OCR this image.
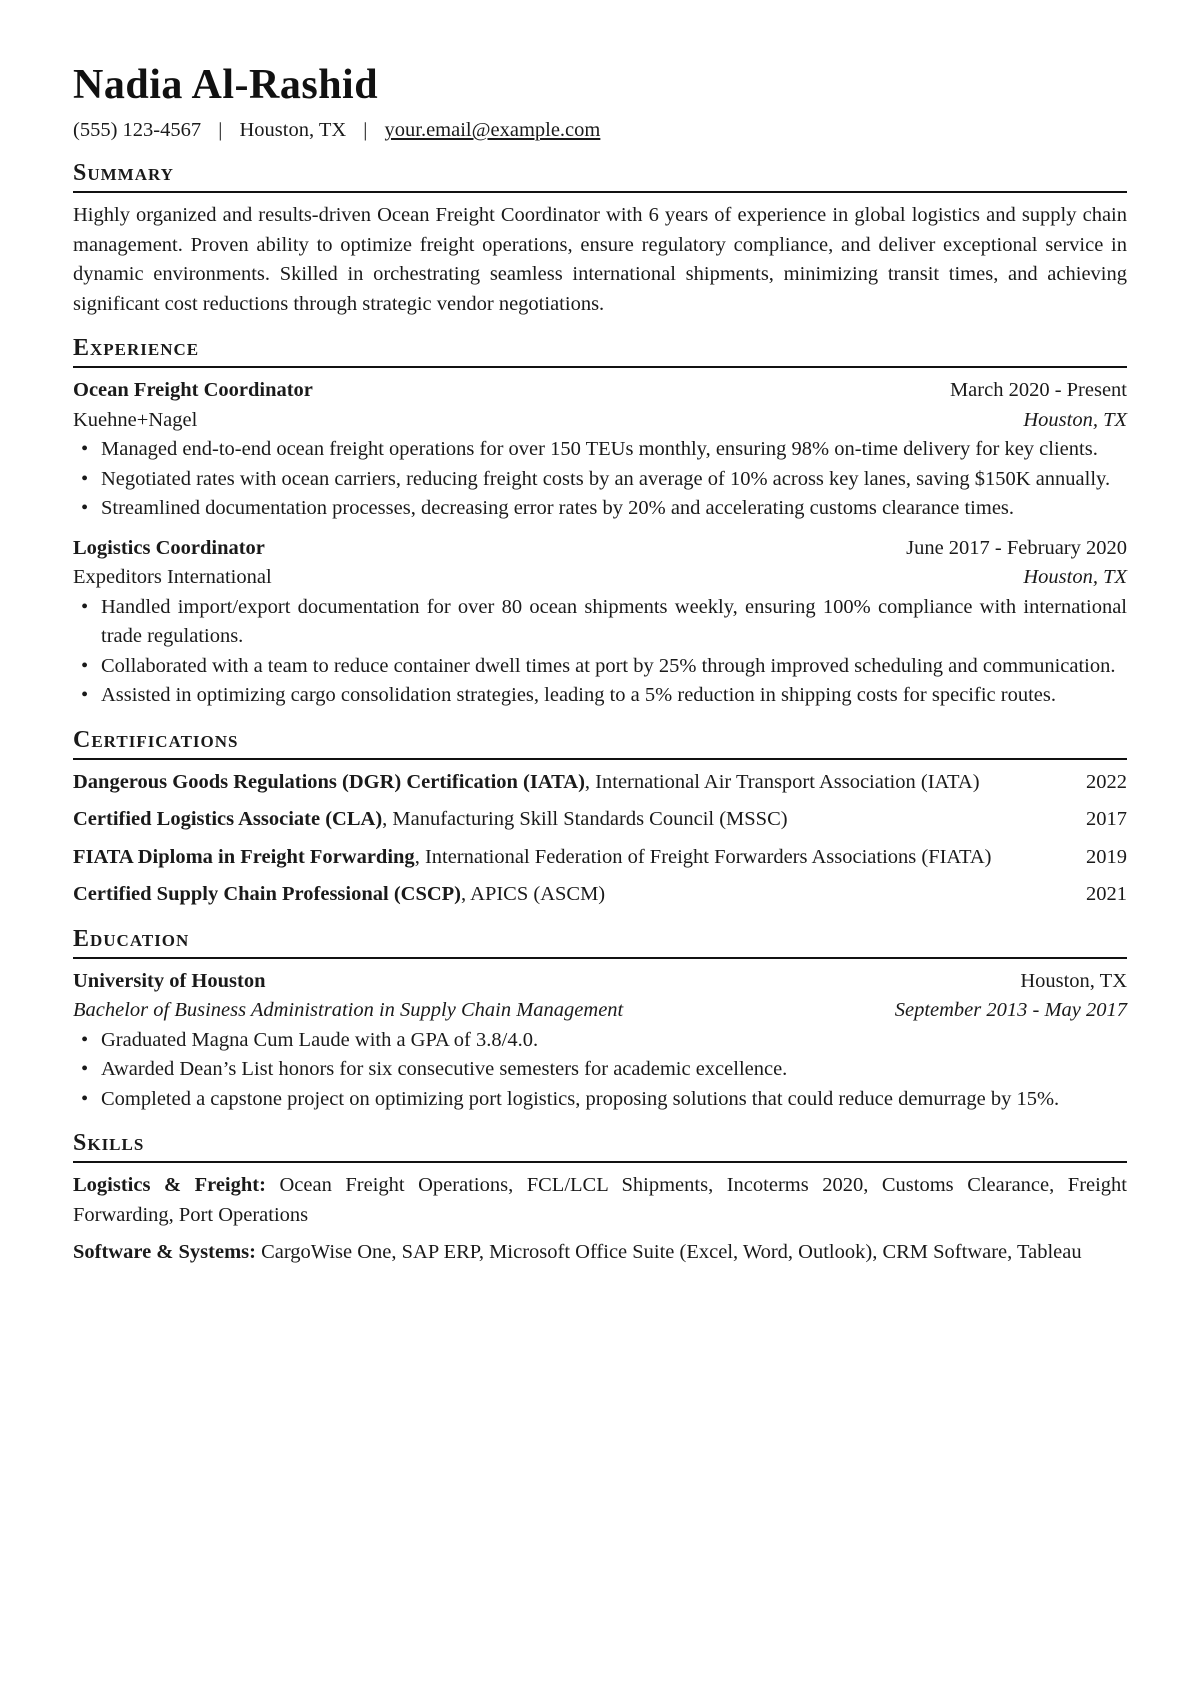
Nadia Al-Rashid
(555) 123-4567 | Houston, TX | your.email@example.com
Summary

Highly organized and results-driven Ocean Freight Coordinator with 6 years of experience in global logistics and supply chain management. Proven ability to optimize freight operations, ensure regulatory compliance, and deliver exceptional service in dynamic environments. Skilled in orchestrating seamless international shipments, minimizing transit times, and achieving significant cost reductions through strategic vendor negotiations.

Experience
Ocean Freight Coordinator	March 2020 - Present
Kuehne+Nagel	Houston, TX
• Managed end-to-end ocean freight operations for over 150 TEUs monthly, ensuring 98% on-time delivery for key clients.
• Negotiated rates with ocean carriers, reducing freight costs by an average of 10% across key lanes, saving $150K annually.
• Streamlined documentation processes, decreasing error rates by 20% and accelerating customs clearance times.
Logistics Coordinator	June 2017 - February 2020
Expeditors International	Houston, TX
• Handled import/export documentation for over 80 ocean shipments weekly, ensuring 100% compliance with international trade regulations.
• Collaborated with a team to reduce container dwell times at port by 25% through improved scheduling and communication.
• Assisted in optimizing cargo consolidation strategies, leading to a 5% reduction in shipping costs for specific routes.
Certifications
Dangerous Goods Regulations (DGR) Certification (IATA), International Air Transport Association (IATA)	2022
Certified Logistics Associate (CLA), Manufacturing Skill Standards Council (MSSC)	2017
FIATA Diploma in Freight Forwarding, International Federation of Freight Forwarders Associations (FIATA)	2019
Certified Supply Chain Professional (CSCP), APICS (ASCM)	2021
Education
University of Houston	Houston, TX
Bachelor of Business Administration in Supply Chain Management	September 2013 - May 2017
• Graduated Magna Cum Laude with a GPA of 3.8/4.0.
• Awarded Dean’s List honors for six consecutive semesters for academic excellence.
• Completed a capstone project on optimizing port logistics, proposing solutions that could reduce demurrage by 15%.
Skills
Logistics & Freight: Ocean Freight Operations, FCL/LCL Shipments, Incoterms 2020, Customs Clearance, Freight Forwarding, Port Operations
Software & Systems: CargoWise One, SAP ERP, Microsoft Office Suite (Excel, Word, Outlook), CRM Software, Tableau
